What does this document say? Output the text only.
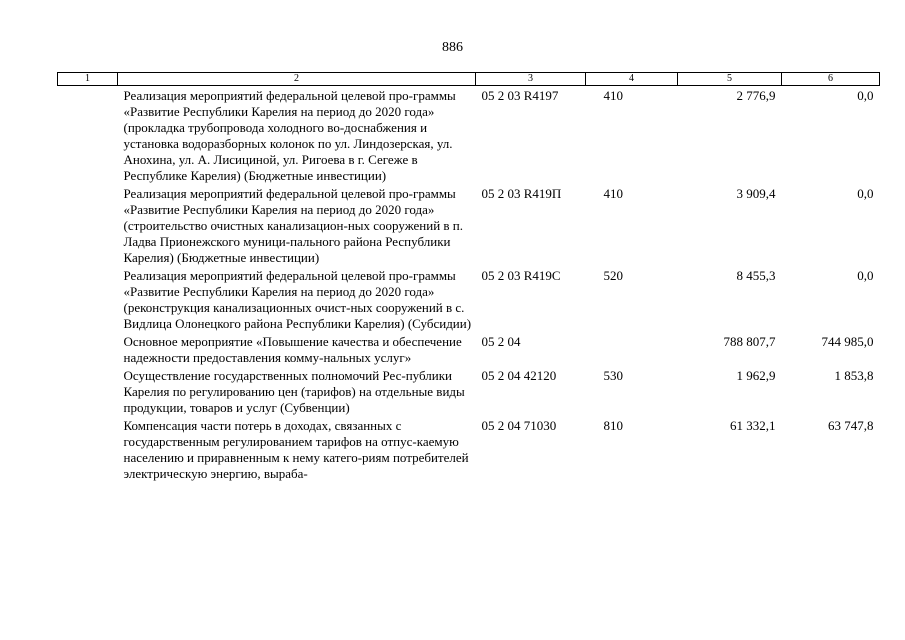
886
1	2	3	4	5	6
	Реализация мероприятий федеральной целевой про-граммы «Развитие Республики Карелия на период до 2020 года» (прокладка трубопровода холодного во-доснабжения и установка водоразборных колонок по ул. Линдозерская, ул. Анохина, ул. А. Лисициной, ул. Ригоева в г. Сегеже в Республике Карелия) (Бюджетные инвестиции)	05 2 03 R4197	410	2 776,9	0,0
	Реализация мероприятий федеральной целевой про-граммы «Развитие Республики Карелия на период до 2020 года» (строительство очистных канализацион-ных сооружений в п. Ладва Прионежского муници-пального района Республики Карелия) (Бюджетные инвестиции)	05 2 03 R419П	410	3 909,4	0,0
	Реализация мероприятий федеральной целевой про-граммы «Развитие Республики Карелия на период до 2020 года» (реконструкция канализационных очист-ных сооружений в с. Видлица Олонецкого района Республики Карелия) (Субсидии)	05 2 03 R419С	520	8 455,3	0,0
	Основное мероприятие «Повышение качества и обеспечение надежности предоставления комму-нальных услуг»	05 2 04		788 807,7	744 985,0
	Осуществление государственных полномочий Рес-публики Карелия по регулированию цен (тарифов) на отдельные виды продукции, товаров и услуг (Субвенции)	05 2 04 42120	530	1 962,9	1 853,8
	Компенсация части потерь в доходах, связанных с государственным регулированием тарифов на отпус-каемую населению и приравненным к нему катего-риям потребителей электрическую энергию, выраба-	05 2 04 71030	810	61 332,1	63 747,8
